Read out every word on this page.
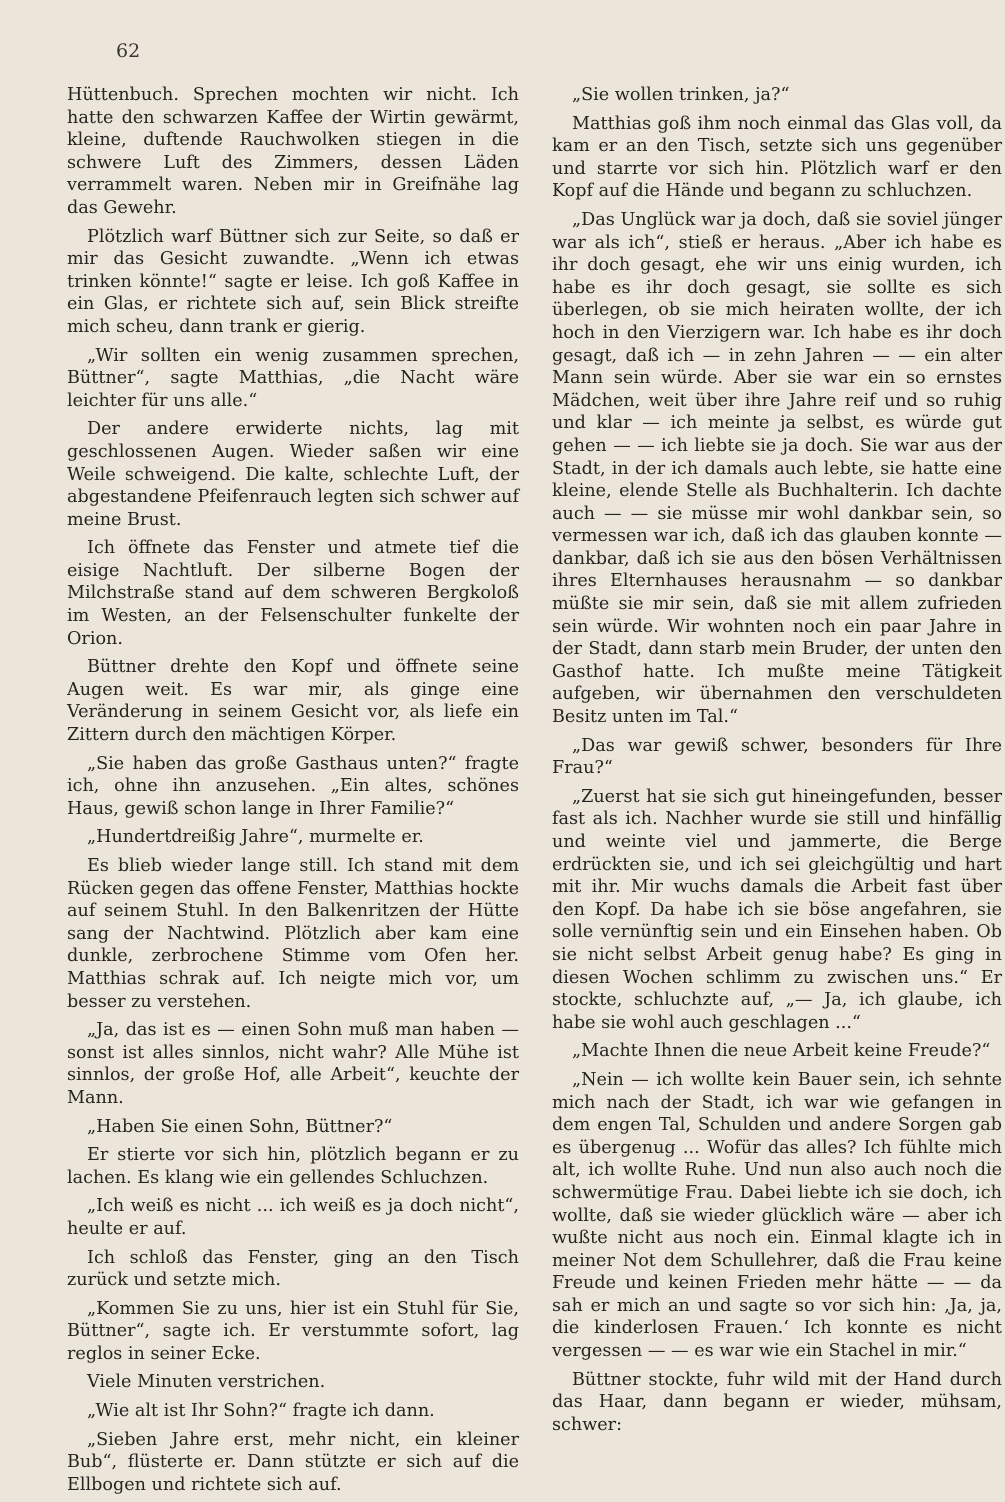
62

Hüttenbuch. Sprechen mochten wir nicht. Ich hatte den schwarzen Kaffee der Wirtin gewärmt, kleine, duftende Rauchwolken stiegen in die schwere Luft des Zimmers, dessen Läden verrammelt waren. Neben mir in Greifnähe lag das Gewehr.

Plötzlich warf Büttner sich zur Seite, so daß er mir das Gesicht zuwandte. „Wenn ich etwas trinken könnte!“ sagte er leise. Ich goß Kaffee in ein Glas, er richtete sich auf, sein Blick streifte mich scheu, dann trank er gierig.

„Wir sollten ein wenig zusammen sprechen, Büttner“, sagte Matthias, „die Nacht wäre leichter für uns alle.“

Der andere erwiderte nichts, lag mit geschlossenen Augen. Wieder saßen wir eine Weile schweigend. Die kalte, schlechte Luft, der abgestandene Pfeifenrauch legten sich schwer auf meine Brust.

Ich öffnete das Fenster und atmete tief die eisige Nachtluft. Der silberne Bogen der Milchstraße stand auf dem schweren Bergkoloß im Westen, an der Felsenschulter funkelte der Orion.

Büttner drehte den Kopf und öffnete seine Augen weit. Es war mir, als ginge eine Veränderung in seinem Gesicht vor, als liefe ein Zittern durch den mächtigen Körper.

„Sie haben das große Gasthaus unten?“ fragte ich, ohne ihn anzusehen. „Ein altes, schönes Haus, gewiß schon lange in Ihrer Familie?“

„Hundertdreißig Jahre“, murmelte er.

Es blieb wieder lange still. Ich stand mit dem Rücken gegen das offene Fenster, Matthias hockte auf seinem Stuhl. In den Balkenritzen der Hütte sang der Nachtwind. Plötzlich aber kam eine dunkle, zerbrochene Stimme vom Ofen her. Matthias schrak auf. Ich neigte mich vor, um besser zu verstehen.

„Ja, das ist es — einen Sohn muß man haben — sonst ist alles sinnlos, nicht wahr? Alle Mühe ist sinnlos, der große Hof, alle Arbeit“, keuchte der Mann.

„Haben Sie einen Sohn, Büttner?“

Er stierte vor sich hin, plötzlich begann er zu lachen. Es klang wie ein gellendes Schluchzen.

„Ich weiß es nicht ... ich weiß es ja doch nicht“, heulte er auf.

Ich schloß das Fenster, ging an den Tisch zurück und setzte mich.

„Kommen Sie zu uns, hier ist ein Stuhl für Sie, Büttner“, sagte ich. Er verstummte sofort, lag reglos in seiner Ecke.

Viele Minuten verstrichen.

„Wie alt ist Ihr Sohn?“ fragte ich dann.

„Sieben Jahre erst, mehr nicht, ein kleiner Bub“, flüsterte er. Dann stützte er sich auf die Ellbogen und richtete sich auf.

„Sie wollen trinken, ja?“

Matthias goß ihm noch einmal das Glas voll, da kam er an den Tisch, setzte sich uns gegenüber und starrte vor sich hin. Plötzlich warf er den Kopf auf die Hände und begann zu schluchzen.

„Das Unglück war ja doch, daß sie soviel jünger war als ich“, stieß er heraus. „Aber ich habe es ihr doch gesagt, ehe wir uns einig wurden, ich habe es ihr doch gesagt, sie sollte es sich überlegen, ob sie mich heiraten wollte, der ich hoch in den Vierzigern war. Ich habe es ihr doch gesagt, daß ich — in zehn Jahren — — ein alter Mann sein würde. Aber sie war ein so ernstes Mädchen, weit über ihre Jahre reif und so ruhig und klar — ich meinte ja selbst, es würde gut gehen — — ich liebte sie ja doch. Sie war aus der Stadt, in der ich damals auch lebte, sie hatte eine kleine, elende Stelle als Buchhalterin. Ich dachte auch — — sie müsse mir wohl dankbar sein, so vermessen war ich, daß ich das glauben konnte — dankbar, daß ich sie aus den bösen Verhältnissen ihres Elternhauses herausnahm — so dankbar müßte sie mir sein, daß sie mit allem zufrieden sein würde. Wir wohnten noch ein paar Jahre in der Stadt, dann starb mein Bruder, der unten den Gasthof hatte. Ich mußte meine Tätigkeit aufgeben, wir übernahmen den verschuldeten Besitz unten im Tal.“

„Das war gewiß schwer, besonders für Ihre Frau?“

„Zuerst hat sie sich gut hineingefunden, besser fast als ich. Nachher wurde sie still und hinfällig und weinte viel und jammerte, die Berge erdrückten sie, und ich sei gleichgültig und hart mit ihr. Mir wuchs damals die Arbeit fast über den Kopf. Da habe ich sie böse angefahren, sie solle vernünftig sein und ein Einsehen haben. Ob sie nicht selbst Arbeit genug habe? Es ging in diesen Wochen schlimm zu zwischen uns.“ Er stockte, schluchzte auf, „— Ja, ich glaube, ich habe sie wohl auch geschlagen ...“

„Machte Ihnen die neue Arbeit keine Freude?“

„Nein — ich wollte kein Bauer sein, ich sehnte mich nach der Stadt, ich war wie gefangen in dem engen Tal, Schulden und andere Sorgen gab es übergenug ... Wofür das alles? Ich fühlte mich alt, ich wollte Ruhe. Und nun also auch noch die schwermütige Frau. Dabei liebte ich sie doch, ich wollte, daß sie wieder glücklich wäre — aber ich wußte nicht aus noch ein. Einmal klagte ich in meiner Not dem Schullehrer, daß die Frau keine Freude und keinen Frieden mehr hätte — — da sah er mich an und sagte so vor sich hin: ‚Ja, ja, die kinderlosen Frauen.‘ Ich konnte es nicht vergessen — — es war wie ein Stachel in mir.“

Büttner stockte, fuhr wild mit der Hand durch das Haar, dann begann er wieder, mühsam, schwer:
